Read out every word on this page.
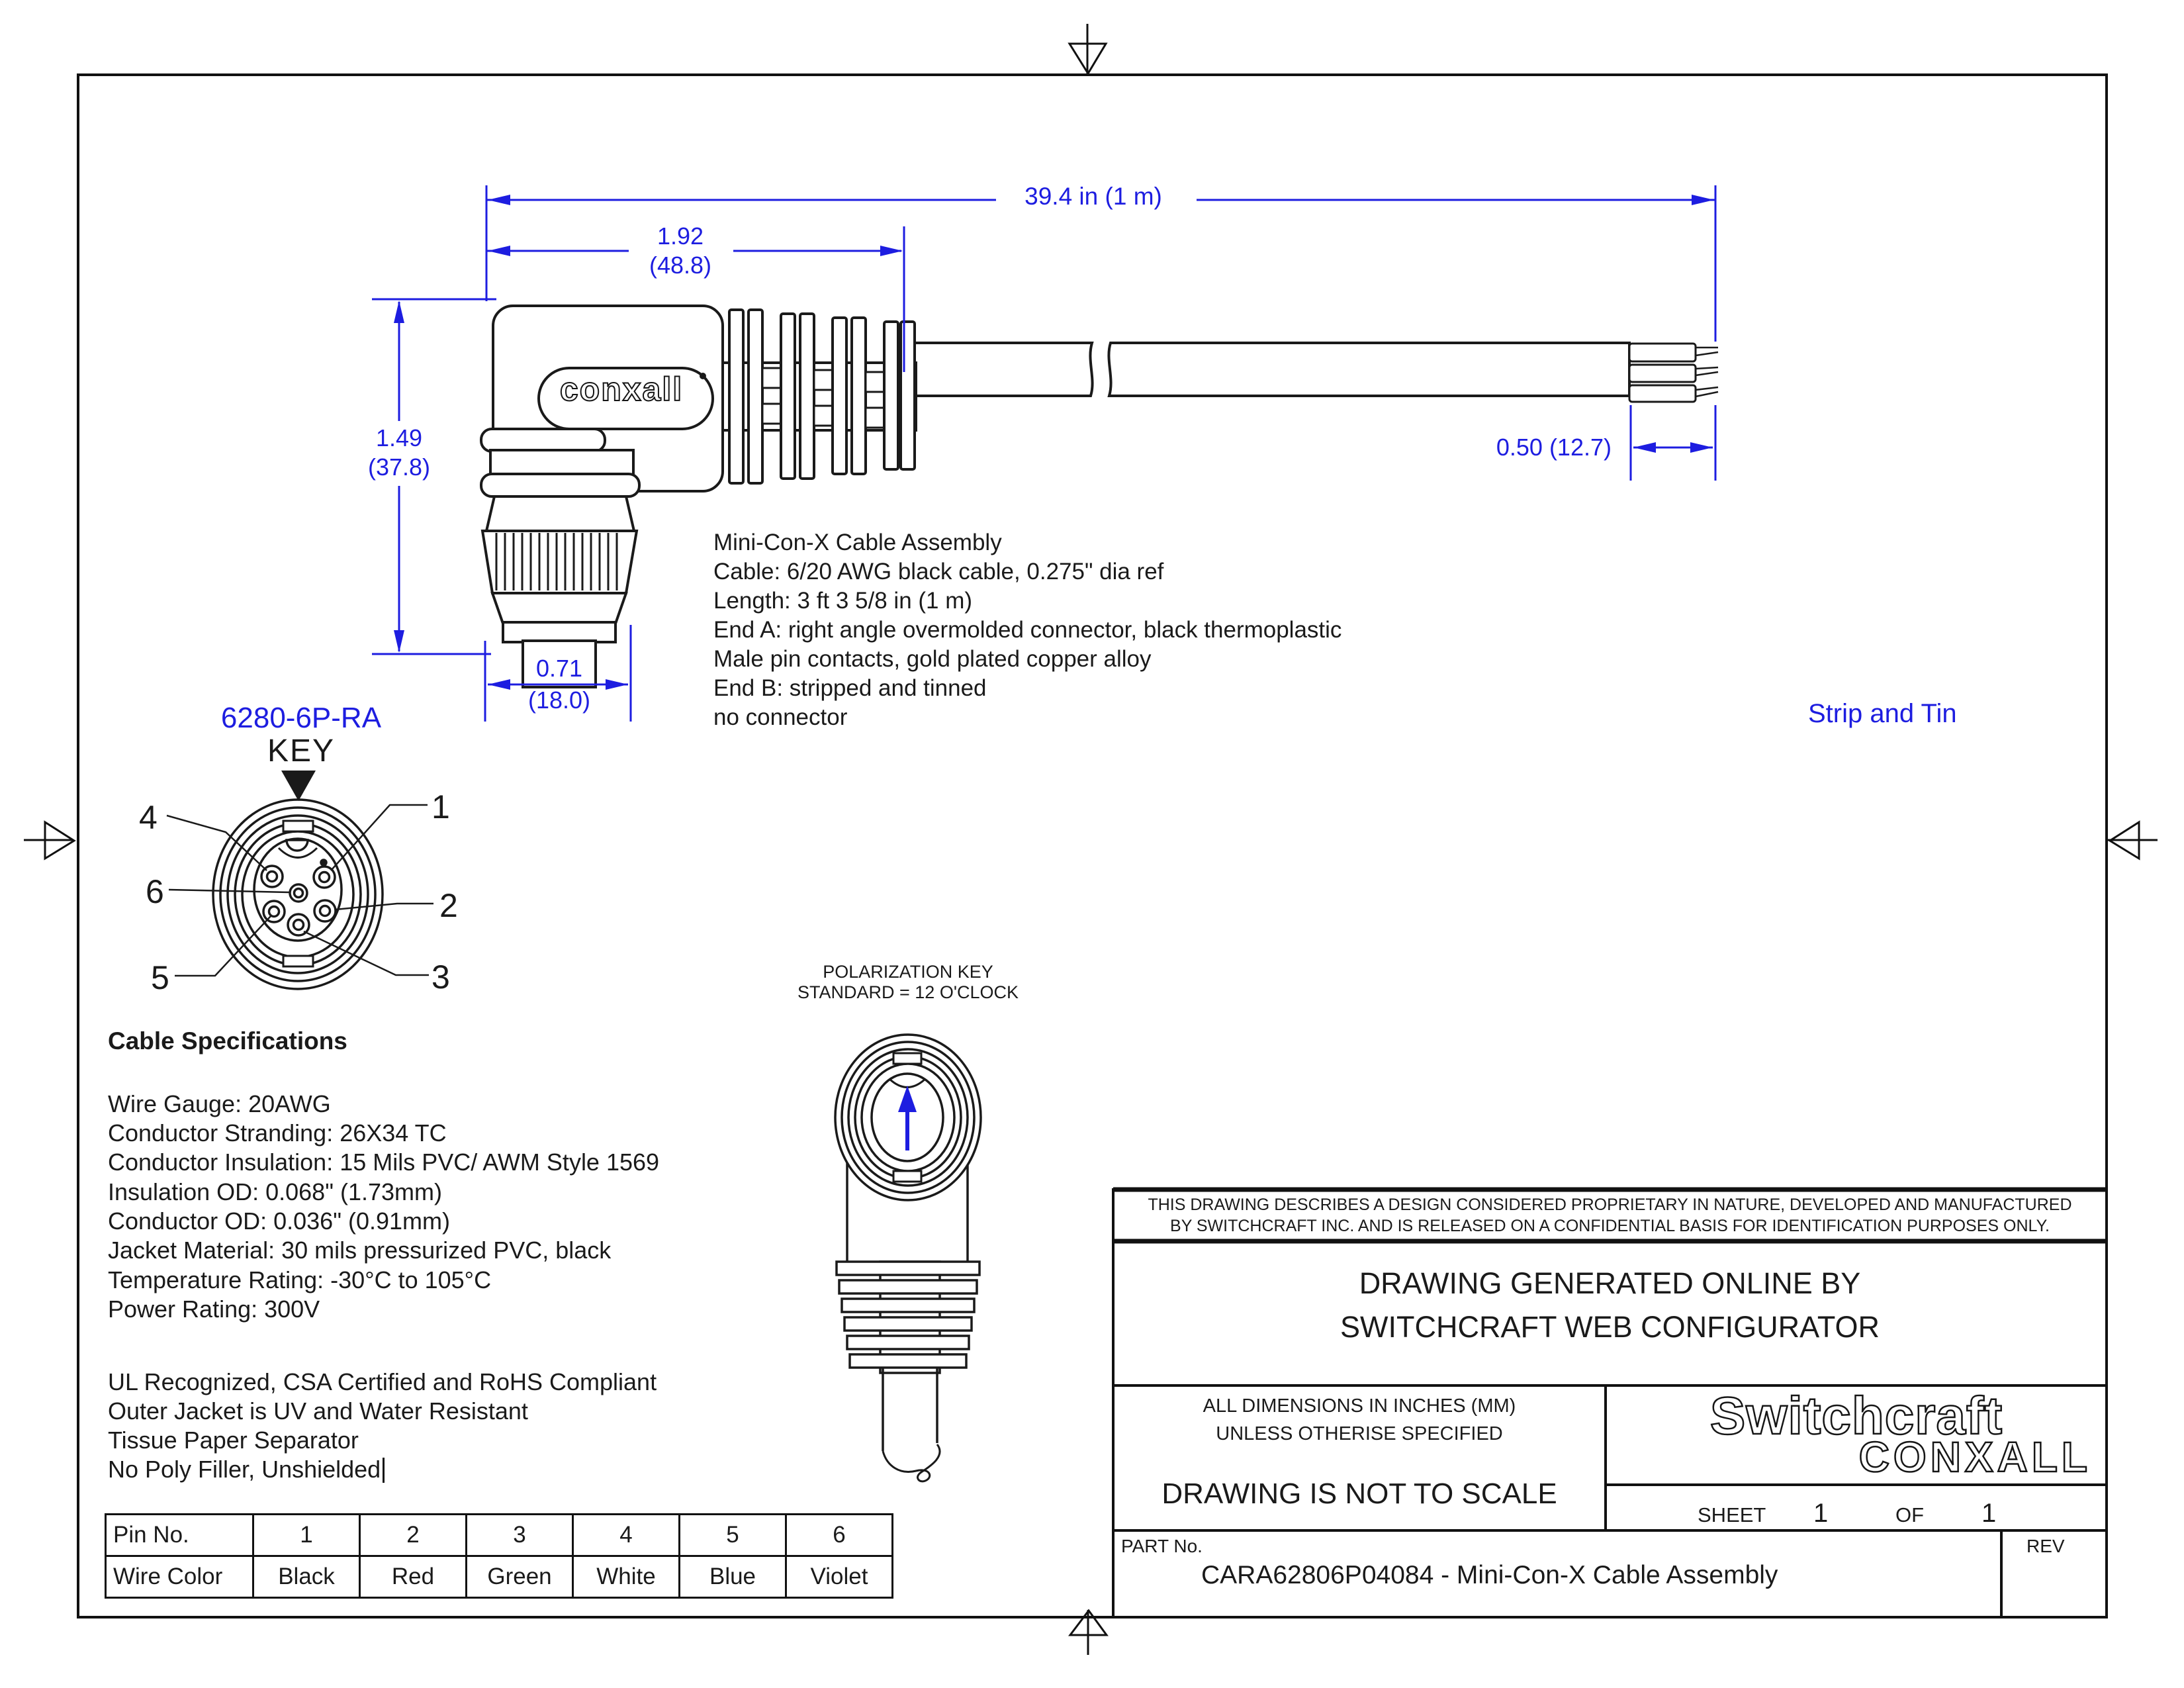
39.4 in (1 m)
1.92
(48.8)
1.49
(37.8)
0.71
(18.0)
0.50 (12.7)
Strip and Tin
conxall
Mini-Con-X Cable Assembly
Cable: 6/20 AWG black cable, 0.275" dia ref
Length: 3 ft 3 5/8 in (1 m)
End A: right angle overmolded connector, black thermoplastic
Male pin contacts, gold plated copper alloy
End B: stripped and tinned
no connector
6280-6P-RA
KEY
1
2
3
4
6
5	POLARIZATION KEY
STANDARD = 12 O'CLOCK
Cable Specifications
Wire Gauge: 20AWG
Conductor Stranding: 26X34 TC
Conductor Insulation: 15 Mils PVC/ AWM Style 1569
Insulation OD: 0.068" (1.73mm)
Conductor OD: 0.036" (0.91mm)
Jacket Material: 30 mils pressurized PVC, black
Temperature Rating: -30°C to 105°C
Power Rating: 300V
UL Recognized, CSA Certified and RoHS Compliant
Outer Jacket is UV and Water Resistant
Tissue Paper Separator
No Poly Filler, Unshielded
Pin No.	1	2	3	4	5	6
Wire Color	Black	Red	Green	White	Blue	Violet
THIS DRAWING DESCRIBES A DESIGN CONSIDERED PROPRIETARY IN NATURE, DEVELOPED AND MANUFACTURED
BY SWITCHCRAFT INC. AND IS RELEASED ON A CONFIDENTIAL BASIS FOR IDENTIFICATION PURPOSES ONLY.
DRAWING GENERATED ONLINE BY
SWITCHCRAFT WEB CONFIGURATOR
ALL DIMENSIONS IN INCHES (MM)
UNLESS OTHERISE SPECIFIED
DRAWING IS NOT TO SCALE
Switchcraft
CONXALL
SHEET 1	OF 1
PART No.
CARA62806P04084 - Mini-Con-X Cable Assembly
REV
